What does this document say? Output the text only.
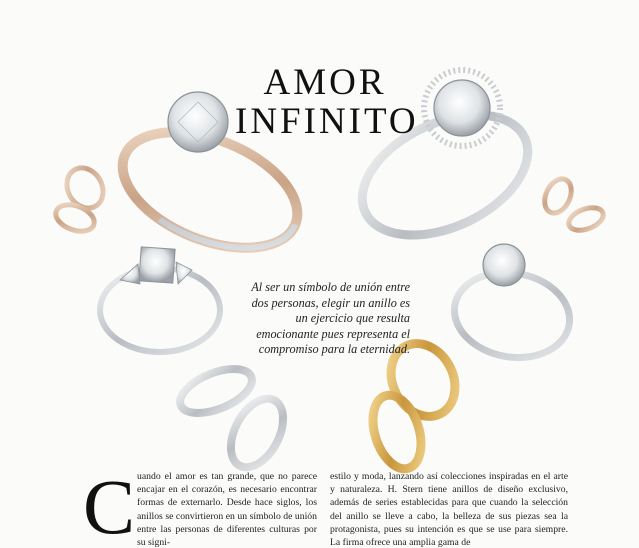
AMOR
INFINITO

Al ser un símbolo de unión entre dos personas, elegir un anillo es un ejercicio que resulta emocionante pues representa el compromiso para la eternidad.

C uando el amor es tan grande, que no parece encajar en el corazón, es necesario encontrar formas de externarlo. Desde hace siglos, los anillos se convirtieron en un símbolo de unión entre las personas de diferentes culturas por su signi-

estilo y moda, lanzando así colecciones inspiradas en el arte y naturaleza. H. Stern tiene anillos de diseño exclusivo, además de series establecidas para que cuando la selección del anillo se lleve a cabo, la belleza de sus piezas sea la protagonista, pues su intención es que se use para siempre. La firma ofrece una amplia gama de
